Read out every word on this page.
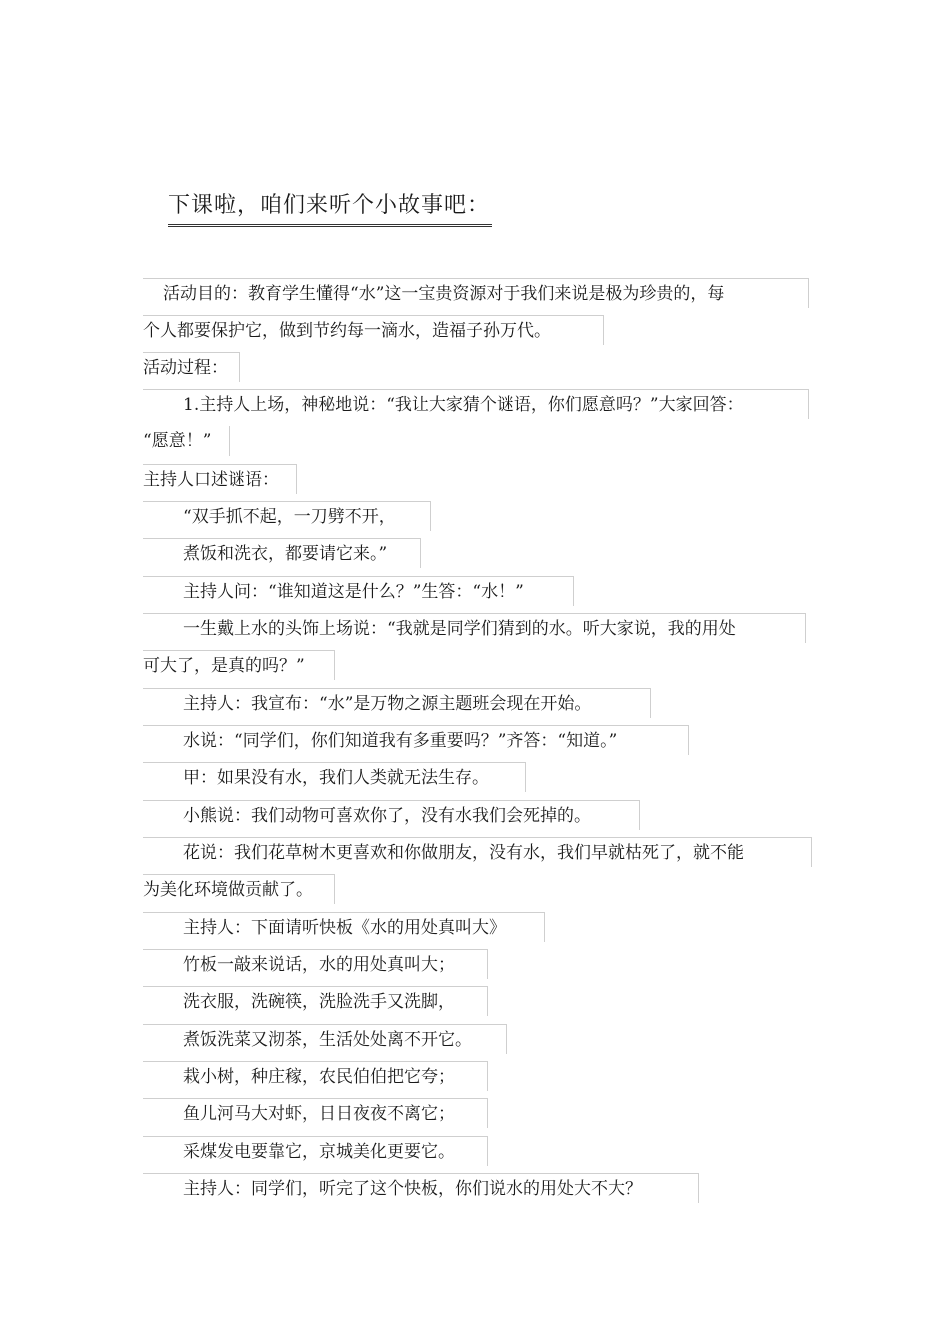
下课啦，咱们来听个小故事吧：
活动目的：教育学生懂得“水”这一宝贵资源对于我们来说是极为珍贵的，每
个人都要保护它，做到节约每一滴水，造福子孙万代。
活动过程：
1.主持人上场，神秘地说：“我让大家猜个谜语，你们愿意吗？”大家回答：
“愿意！”
主持人口述谜语：
“双手抓不起，一刀劈不开，
煮饭和洗衣，都要请它来。”
主持人问：“谁知道这是什么？”生答：“水！”
一生戴上水的头饰上场说：“我就是同学们猜到的水。听大家说，我的用处
可大了，是真的吗？”
主持人：我宣布：“水”是万物之源主题班会现在开始。
水说：“同学们，你们知道我有多重要吗？”齐答：“知道。”
甲：如果没有水，我们人类就无法生存。
小熊说：我们动物可喜欢你了，没有水我们会死掉的。
花说：我们花草树木更喜欢和你做朋友，没有水，我们早就枯死了，就不能
为美化环境做贡献了。
主持人：下面请听快板《水的用处真叫大》
竹板一敲来说话，水的用处真叫大；
洗衣服，洗碗筷，洗脸洗手又洗脚，
煮饭洗菜又沏茶，生活处处离不开它。
栽小树，种庄稼，农民伯伯把它夸；
鱼儿河马大对虾，日日夜夜不离它；
采煤发电要靠它，京城美化更要它。
主持人：同学们，听完了这个快板，你们说水的用处大不大？
